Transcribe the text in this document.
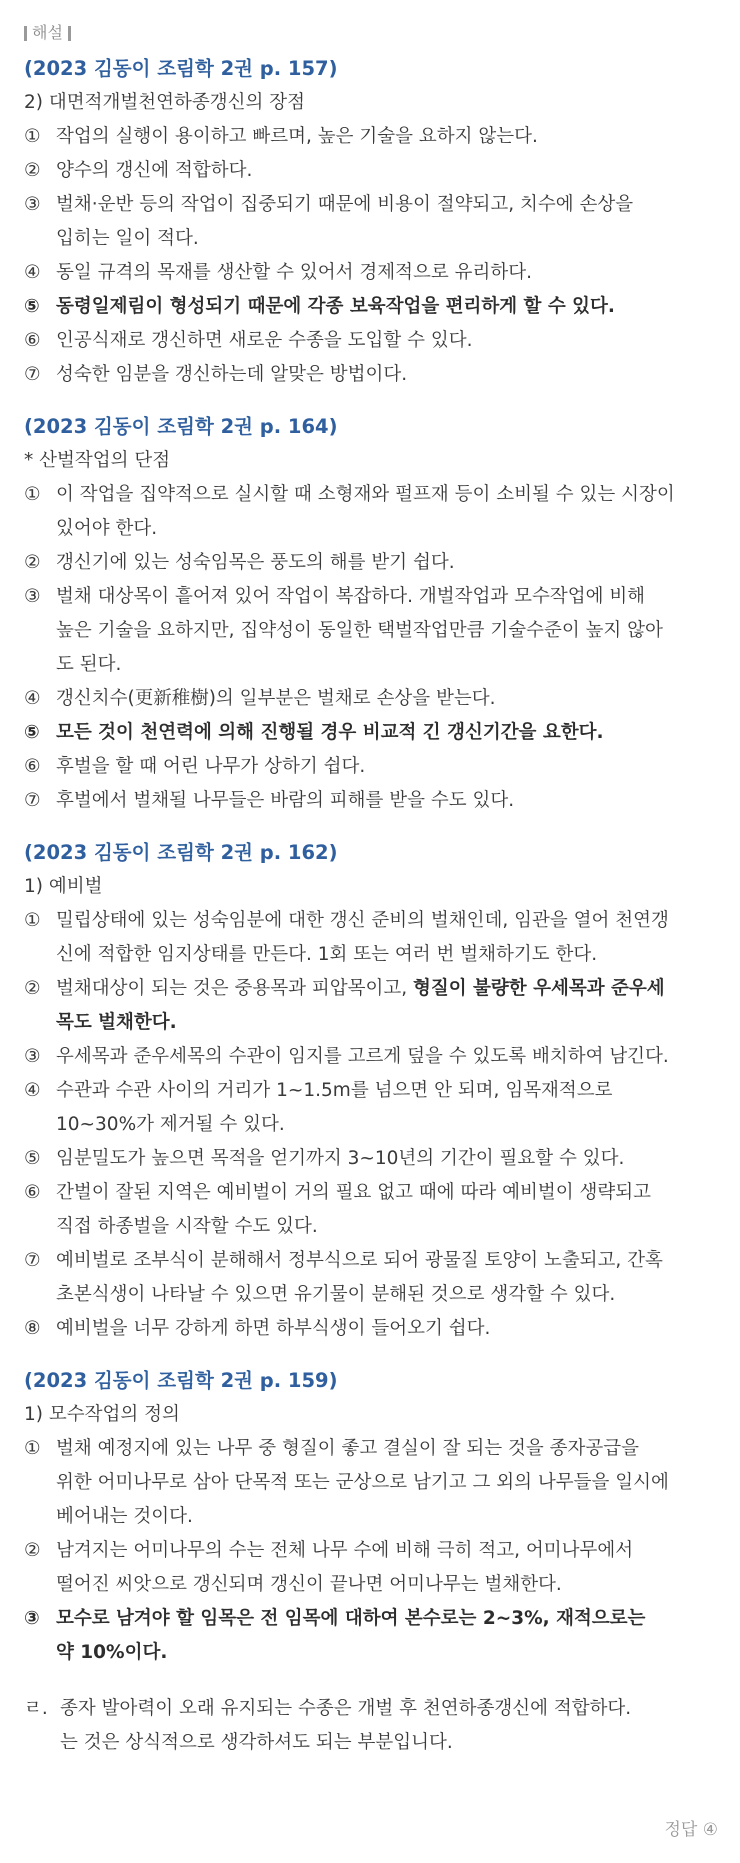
해설
(2023 김동이 조림학 2권 p. 157)
2) 대면적개벌천연하종갱신의 장점
① 작업의 실행이 용이하고 빠르며, 높은 기술을 요하지 않는다.
② 양수의 갱신에 적합하다.
③ 벌채·운반 등의 작업이 집중되기 때문에 비용이 절약되고, 치수에 손상을
입히는 일이 적다.
④ 동일 규격의 목재를 생산할 수 있어서 경제적으로 유리하다.
⑤ 동령일제림이 형성되기 때문에 각종 보육작업을 편리하게 할 수 있다.
⑥ 인공식재로 갱신하면 새로운 수종을 도입할 수 있다.
⑦ 성숙한 임분을 갱신하는데 알맞은 방법이다.
(2023 김동이 조림학 2권 p. 164)
* 산벌작업의 단점
① 이 작업을 집약적으로 실시할 때 소형재와 펄프재 등이 소비될 수 있는 시장이
있어야 한다.
② 갱신기에 있는 성숙임목은 풍도의 해를 받기 쉽다.
③ 벌채 대상목이 흩어져 있어 작업이 복잡하다. 개벌작업과 모수작업에 비해
높은 기술을 요하지만, 집약성이 동일한 택벌작업만큼 기술수준이 높지 않아
도 된다.
④ 갱신치수(更新稚樹)의 일부분은 벌채로 손상을 받는다.
⑤ 모든 것이 천연력에 의해 진행될 경우 비교적 긴 갱신기간을 요한다.
⑥ 후벌을 할 때 어린 나무가 상하기 쉽다.
⑦ 후벌에서 벌채될 나무들은 바람의 피해를 받을 수도 있다.
(2023 김동이 조림학 2권 p. 162)
1) 예비벌
① 밀립상태에 있는 성숙임분에 대한 갱신 준비의 벌채인데, 임관을 열어 천연갱
신에 적합한 임지상태를 만든다. 1회 또는 여러 번 벌채하기도 한다.
② 벌채대상이 되는 것은 중용목과 피압목이고, 형질이 불량한 우세목과 준우세
목도 벌채한다.
③ 우세목과 준우세목의 수관이 임지를 고르게 덮을 수 있도록 배치하여 남긴다.
④ 수관과 수관 사이의 거리가 1~1.5m를 넘으면 안 되며, 임목재적으로
10~30%가 제거될 수 있다.
⑤ 임분밀도가 높으면 목적을 얻기까지 3~10년의 기간이 필요할 수 있다.
⑥ 간벌이 잘된 지역은 예비벌이 거의 필요 없고 때에 따라 예비벌이 생략되고
직접 하종벌을 시작할 수도 있다.
⑦ 예비벌로 조부식이 분해해서 정부식으로 되어 광물질 토양이 노출되고, 간혹
초본식생이 나타날 수 있으면 유기물이 분해된 것으로 생각할 수 있다.
⑧ 예비벌을 너무 강하게 하면 하부식생이 들어오기 쉽다.
(2023 김동이 조림학 2권 p. 159)
1) 모수작업의 정의
① 벌채 예정지에 있는 나무 중 형질이 좋고 결실이 잘 되는 것을 종자공급을
위한 어미나무로 삼아 단목적 또는 군상으로 남기고 그 외의 나무들을 일시에
베어내는 것이다.
② 남겨지는 어미나무의 수는 전체 나무 수에 비해 극히 적고, 어미나무에서
떨어진 씨앗으로 갱신되며 갱신이 끝나면 어미나무는 벌채한다.
③ 모수로 남겨야 할 임목은 전 임목에 대하여 본수로는 2~3%, 재적으로는
약 10%이다.
ㄹ. 종자 발아력이 오래 유지되는 수종은 개벌 후 천연하종갱신에 적합하다.
는 것은 상식적으로 생각하셔도 되는 부분입니다.
정답 ④
